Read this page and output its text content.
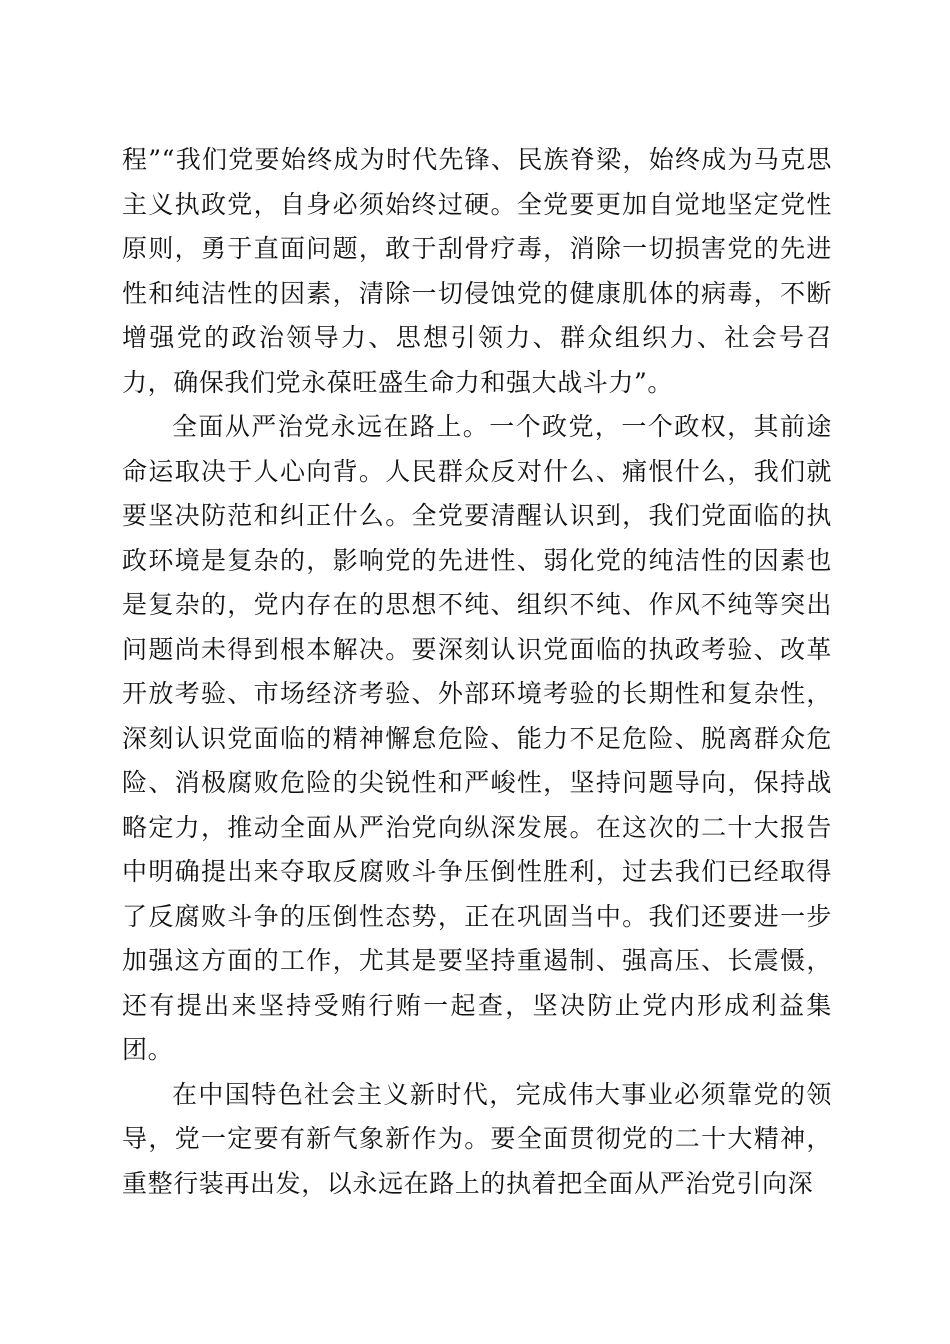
程”“我们党要始终成为时代先锋、民族脊梁，始终成为马克思主义执政党，自身必须始终过硬。全党要更加自觉地坚定党性原则，勇于直面问题，敢于刮骨疗毒，消除一切损害党的先进性和纯洁性的因素，清除一切侵蚀党的健康肌体的病毒，不断增强党的政治领导力、思想引领力、群众组织力、社会号召力，确保我们党永葆旺盛生命力和强大战斗力”。

全面从严治党永远在路上。一个政党，一个政权，其前途命运取决于人心向背。人民群众反对什么、痛恨什么，我们就要坚决防范和纠正什么。全党要清醒认识到，我们党面临的执政环境是复杂的，影响党的先进性、弱化党的纯洁性的因素也是复杂的，党内存在的思想不纯、组织不纯、作风不纯等突出问题尚未得到根本解决。要深刻认识党面临的执政考验、改革开放考验、市场经济考验、外部环境考验的长期性和复杂性，深刻认识党面临的精神懈怠危险、能力不足危险、脱离群众危险、消极腐败危险的尖锐性和严峻性，坚持问题导向，保持战略定力，推动全面从严治党向纵深发展。在这次的二十大报告中明确提出来夺取反腐败斗争压倒性胜利，过去我们已经取得了反腐败斗争的压倒性态势，正在巩固当中。我们还要进一步加强这方面的工作，尤其是要坚持重遏制、强高压、长震慑，还有提出来坚持受贿行贿一起查，坚决防止党内形成利益集团。

在中国特色社会主义新时代，完成伟大事业必须靠党的领导，党一定要有新气象新作为。要全面贯彻党的二十大精神，重整行装再出发，以永远在路上的执着把全面从严治党引向深
